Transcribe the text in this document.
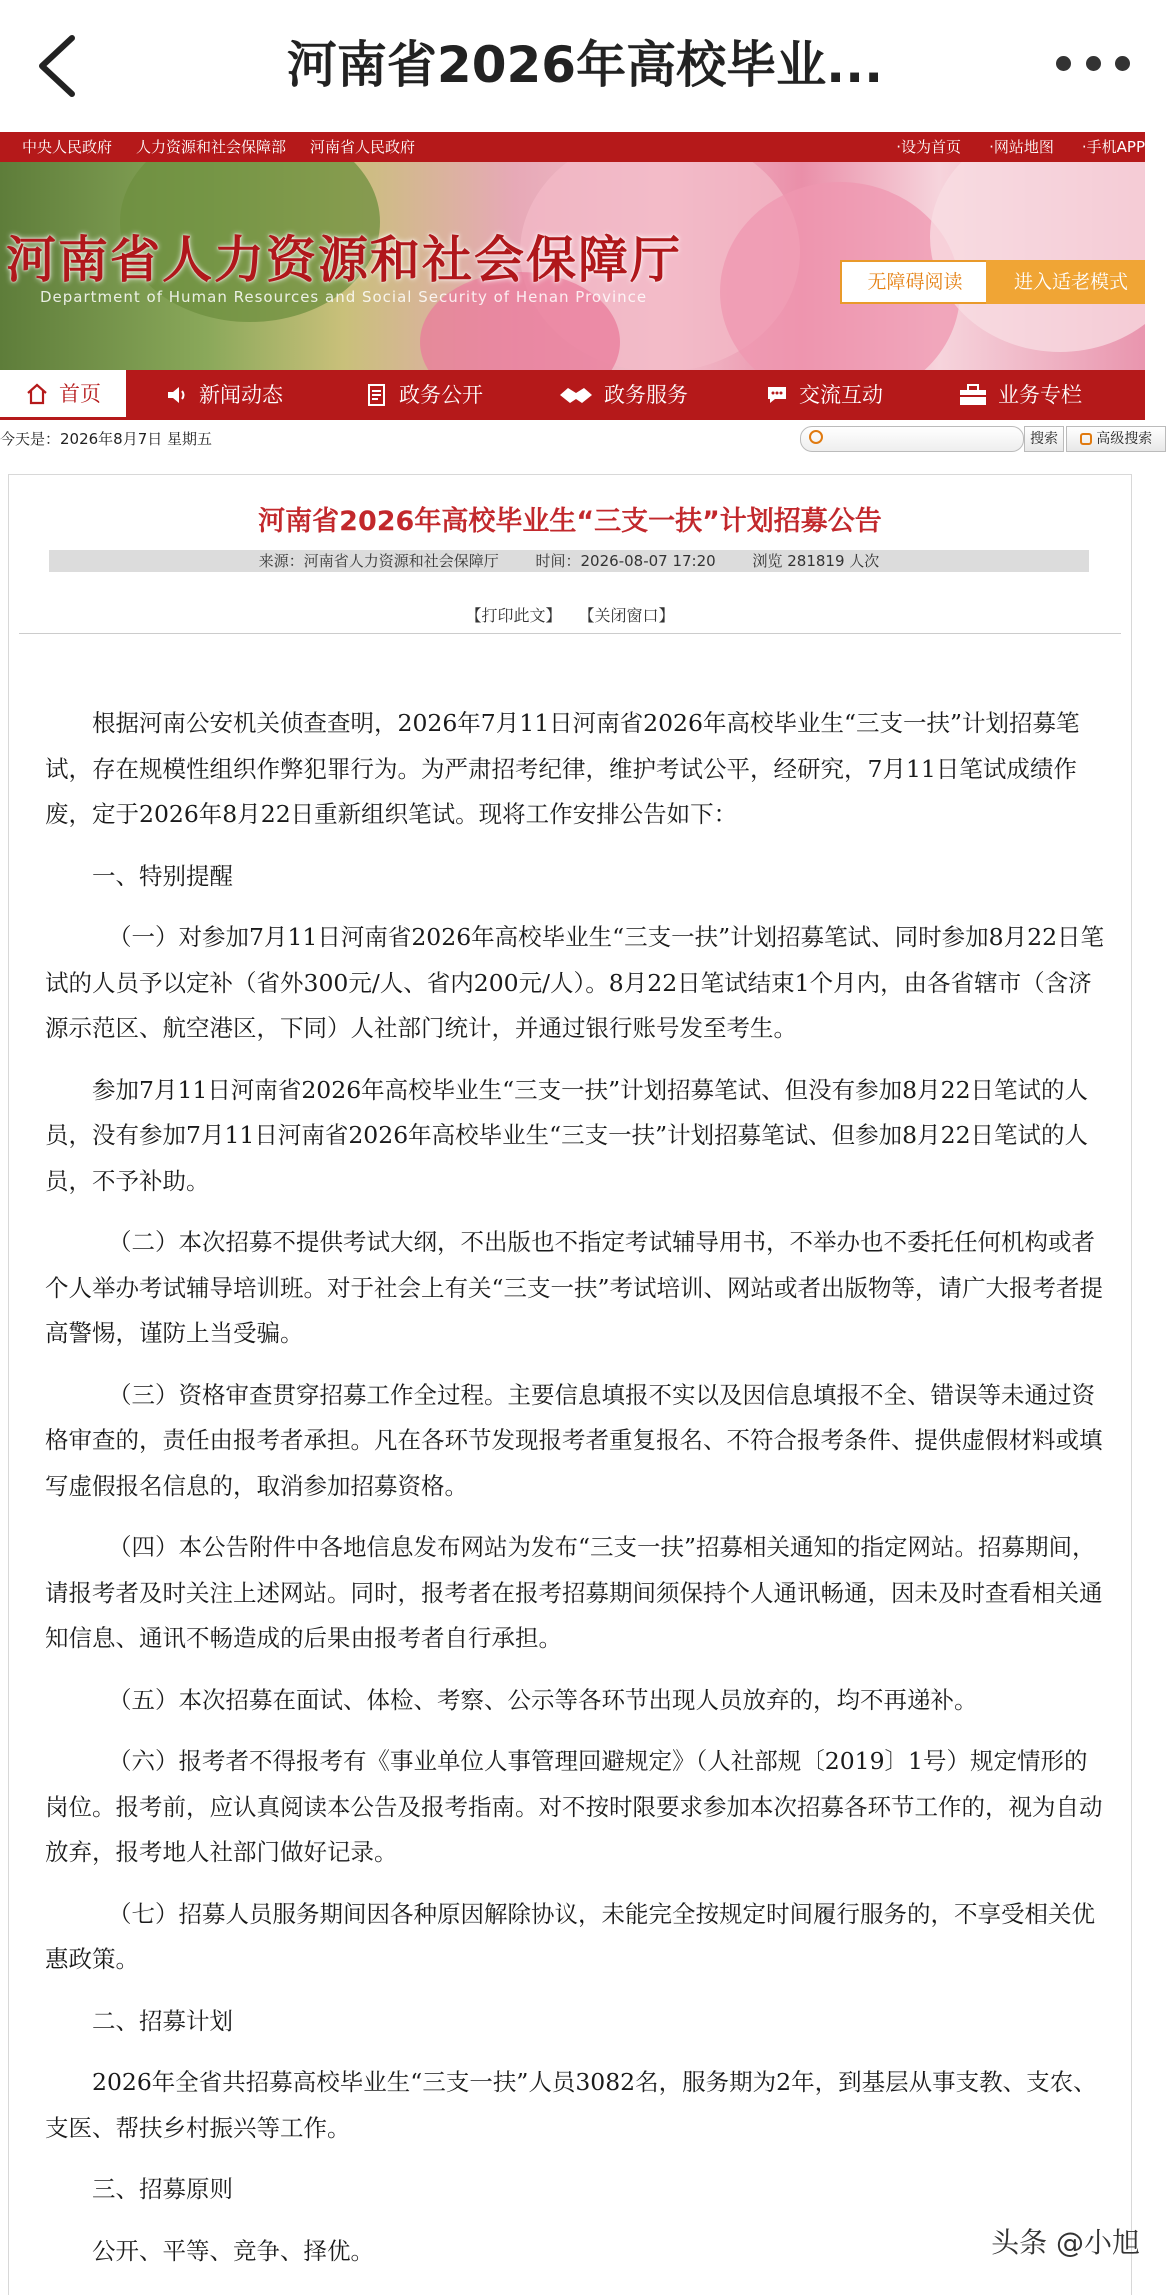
河南省2026年高校毕业...
中央人民政府 人力资源和社会保障部 河南省人民政府	·设为首页 ·网站地图 ·手机APP
河南省人力资源和社会保障厅
Department of Human Resources and Social Security of Henan Province
无障碍阅读	进入适老模式
首页	新闻动态	政务公开	政务服务	交流互动	业务专栏
今天是：2026年8月7日 星期五	搜索	高级搜索
河南省2026年高校毕业生“三支一扶”计划招募公告
来源：河南省人力资源和社会保障厅 时间：2026-08-07 17:20 浏览 281819 人次
【打印此文】 【关闭窗口】

根据河南公安机关侦查查明，2026年7月11日河南省2026年高校毕业生“三支一扶”计划招募笔试，存在规模性组织作弊犯罪行为。为严肃招考纪律，维护考试公平，经研究，7月11日笔试成绩作废，定于2026年8月22日重新组织笔试。现将工作安排公告如下：

一、特别提醒

（一）对参加7月11日河南省2026年高校毕业生“三支一扶”计划招募笔试、同时参加8月22日笔试的人员予以定补（省外300元/人、省内200元/人）。8月22日笔试结束1个月内，由各省辖市（含济源示范区、航空港区，下同）人社部门统计，并通过银行账号发至考生。

参加7月11日河南省2026年高校毕业生“三支一扶”计划招募笔试、但没有参加8月22日笔试的人员，没有参加7月11日河南省2026年高校毕业生“三支一扶”计划招募笔试、但参加8月22日笔试的人员，不予补助。

（二）本次招募不提供考试大纲，不出版也不指定考试辅导用书，不举办也不委托任何机构或者个人举办考试辅导培训班。对于社会上有关“三支一扶”考试培训、网站或者出版物等，请广大报考者提高警惕，谨防上当受骗。

（三）资格审查贯穿招募工作全过程。主要信息填报不实以及因信息填报不全、错误等未通过资格审查的，责任由报考者承担。凡在各环节发现报考者重复报名、不符合报考条件、提供虚假材料或填写虚假报名信息的，取消参加招募资格。

（四）本公告附件中各地信息发布网站为发布“三支一扶”招募相关通知的指定网站。招募期间，请报考者及时关注上述网站。同时，报考者在报考招募期间须保持个人通讯畅通，因未及时查看相关通知信息、通讯不畅造成的后果由报考者自行承担。

（五）本次招募在面试、体检、考察、公示等各环节出现人员放弃的，均不再递补。

（六）报考者不得报考有《事业单位人事管理回避规定》（人社部规〔2019〕1号）规定情形的岗位。报考前，应认真阅读本公告及报考指南。对不按时限要求参加本次招募各环节工作的，视为自动放弃，报考地人社部门做好记录。

（七）招募人员服务期间因各种原因解除协议，未能完全按规定时间履行服务的，不享受相关优惠政策。

二、招募计划

2026年全省共招募高校毕业生“三支一扶”人员3082名，服务期为2年，到基层从事支教、支农、支医、帮扶乡村振兴等工作。

三、招募原则

公开、平等、竞争、择优。	头条 @小旭
